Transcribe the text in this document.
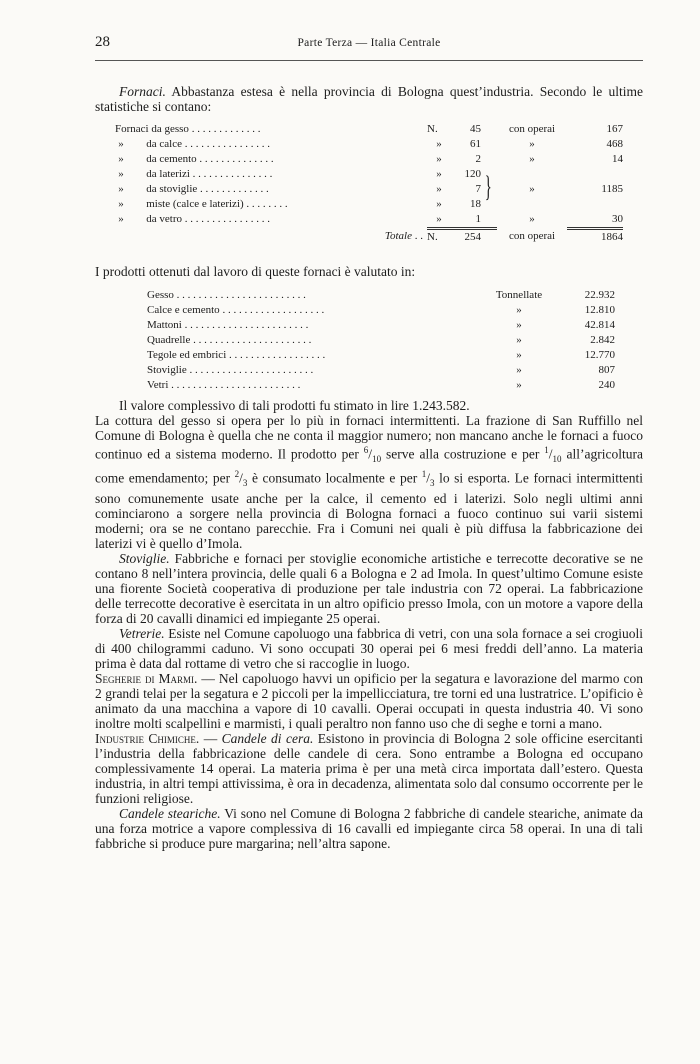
28	Parte Terza — Italia Centrale

Fornaci. Abbastanza estesa è nella provincia di Bologna quest’industria. Secondo le ultime statistiche si contano:

Fornaci da gesso . . . . . . . . . . . . .		N.	45		con operai	167
»	da calce . . . . . . . . . . . . . . . .	»	61		»	468
»	da cemento . . . . . . . . . . . . . .	»	2		»	14
»	da laterizi . . . . . . . . . . . . . . .	»	120	}		
»	da stoviglie . . . . . . . . . . . . .	»	7		»	1185
»	miste (calce e laterizi) . . . . . . . .	»	18			
»	da vetro . . . . . . . . . . . . . . . .	»	1		»	30
	Totale . .	N.	254		con operai	1864

I prodotti ottenuti dal lavoro di queste fornaci è valutato in:

Gesso . . . . . . . . . . . . . . . . . . . . . . . .	Tonnellate	22.932
Calce e cemento . . . . . . . . . . . . . . . . . . .	»	12.810
Mattoni . . . . . . . . . . . . . . . . . . . . . . .	»	42.814
Quadrelle . . . . . . . . . . . . . . . . . . . . . .	»	2.842
Tegole ed embrici . . . . . . . . . . . . . . . . . .	»	12.770
Stoviglie . . . . . . . . . . . . . . . . . . . . . . .	»	807
Vetri . . . . . . . . . . . . . . . . . . . . . . . .	»	240

Il valore complessivo di tali prodotti fu stimato in lire 1.243.582.

La cottura del gesso si opera per lo più in fornaci intermittenti. La frazione di San Ruffillo nel Comune di Bologna è quella che ne conta il maggior numero; non mancano anche le fornaci a fuoco continuo ed a sistema moderno. Il prodotto per $^6/_{10}$ serve alla costruzione e per $^1/_{10}$ all’agricoltura come emendamento; per $^2/_3$ è consumato localmente e per $^1/_3$ lo si esporta. Le fornaci intermittenti sono comunemente usate anche per la calce, il cemento ed i laterizi. Solo negli ultimi anni cominciarono a sorgere nella provincia di Bologna fornaci a fuoco continuo sui varii sistemi moderni; ora se ne contano parecchie. Fra i Comuni nei quali è più diffusa la fabbricazione dei laterizi vi è quello d’Imola.

Stoviglie. Fabbriche e fornaci per stoviglie economiche artistiche e terrecotte decorative se ne contano 8 nell’intera provincia, delle quali 6 a Bologna e 2 ad Imola. In quest’ultimo Comune esiste una fiorente Società cooperativa di produzione per tale industria con 72 operai. La fabbricazione delle terrecotte decorative è esercitata in un altro opificio presso Imola, con un motore a vapore della forza di 20 cavalli dinamici ed impiegante 25 operai.

Vetrerie. Esiste nel Comune capoluogo una fabbrica di vetri, con una sola fornace a sei crogiuoli di 400 chilogrammi caduno. Vi sono occupati 30 operai pei 6 mesi freddi dell’anno. La materia prima è data dal rottame di vetro che si raccoglie in luogo.

Segherie di Marmi. — Nel capoluogo havvi un opificio per la segatura e lavorazione del marmo con 2 grandi telai per la segatura e 2 piccoli per la impellicciatura, tre torni ed una lustratrice. L’opificio è animato da una macchina a vapore di 10 cavalli. Operai occupati in questa industria 40. Vi sono inoltre molti scalpellini e marmisti, i quali peraltro non fanno uso che di seghe e torni a mano.

Industrie Chimiche. — Candele di cera. Esistono in provincia di Bologna 2 sole officine esercitanti l’industria della fabbricazione delle candele di cera. Sono entrambe a Bologna ed occupano complessivamente 14 operai. La materia prima è per una metà circa importata dall’estero. Questa industria, in altri tempi attivissima, è ora in decadenza, alimentata solo dal consumo occorrente per le funzioni religiose.

Candele steariche. Vi sono nel Comune di Bologna 2 fabbriche di candele steariche, animate da una forza motrice a vapore complessiva di 16 cavalli ed impiegante circa 58 operai. In una di tali fabbriche si produce pure margarina; nell’altra sapone.
